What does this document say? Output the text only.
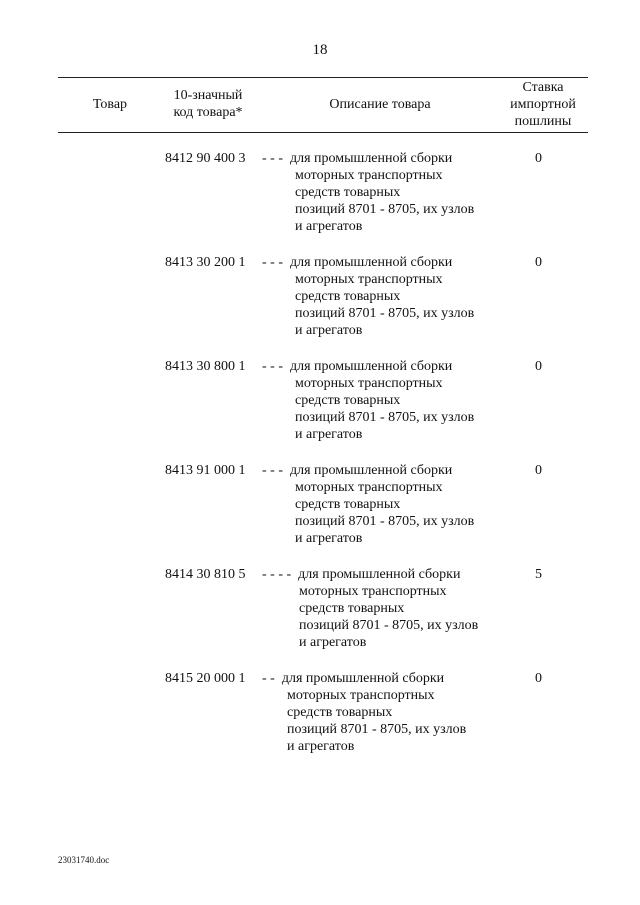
18
Товар
10-значный
код товара*
Описание товара
Ставка
импортной
пошлины
8412 90 400 3 - - - для промышленной сборки
моторных транспортных
средств товарных
позиций 8701 - 8705, их узлов
и агрегатов
0
8413 30 200 1 - - - для промышленной сборки
моторных транспортных
средств товарных
позиций 8701 - 8705, их узлов
и агрегатов
0
8413 30 800 1 - - - для промышленной сборки
моторных транспортных
средств товарных
позиций 8701 - 8705, их узлов
и агрегатов
0
8413 91 000 1 - - - для промышленной сборки
моторных транспортных
средств товарных
позиций 8701 - 8705, их узлов
и агрегатов
0
8414 30 810 5 - - - - для промышленной сборки
моторных транспортных
средств товарных
позиций 8701 - 8705, их узлов
и агрегатов
5
8415 20 000 1 - - для промышленной сборки
моторных транспортных
средств товарных
позиций 8701 - 8705, их узлов
и агрегатов
0
23031740.doc
